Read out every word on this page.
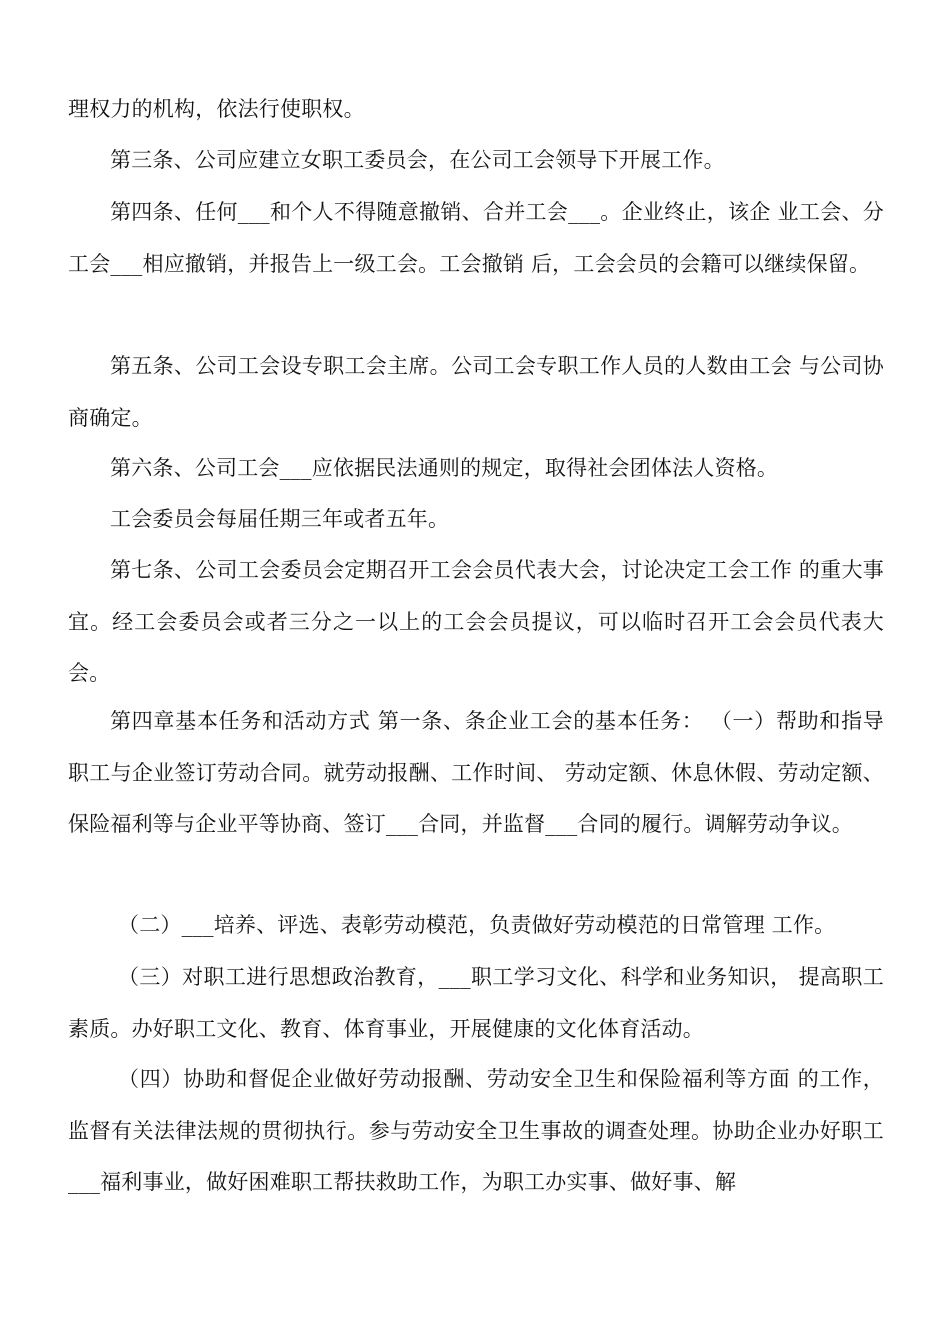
理权力的机构，依法行使职权。

第三条、公司应建立女职工委员会，在公司工会领导下开展工作。

第四条、任何___和个人不得随意撤销、合并工会___。企业终止，该企 业工会、分工会___相应撤销，并报告上一级工会。工会撤销 后，工会会员的会籍可以继续保留。

第五条、公司工会设专职工会主席。公司工会专职工作人员的人数由工会 与公司协商确定。

第六条、公司工会___应依据民法通则的规定，取得社会团体法人资格。

工会委员会每届任期三年或者五年。

第七条、公司工会委员会定期召开工会会员代表大会，讨论决定工会工作 的重大事宜。经工会委员会或者三分之一以上的工会会员提议，可以临时召开工会会员代表大会。

第四章基本任务和活动方式 第一条、条企业工会的基本任务： （一）帮助和指导职工与企业签订劳动合同。就劳动报酬、工作时间、 劳动定额、休息休假、劳动定额、保险福利等与企业平等协商、签订___合同，并监督___合同的履行。调解劳动争议。

（二）___培养、评选、表彰劳动模范，负责做好劳动模范的日常管理 工作。

（三）对职工进行思想政治教育，___职工学习文化、科学和业务知识， 提高职工素质。办好职工文化、教育、体育事业，开展健康的文化体育活动。

（四）协助和督促企业做好劳动报酬、劳动安全卫生和保险福利等方面 的工作，监督有关法律法规的贯彻执行。参与劳动安全卫生事故的调查处理。协助企业办好职工___福利事业，做好困难职工帮扶救助工作，为职工办实事、做好事、解
